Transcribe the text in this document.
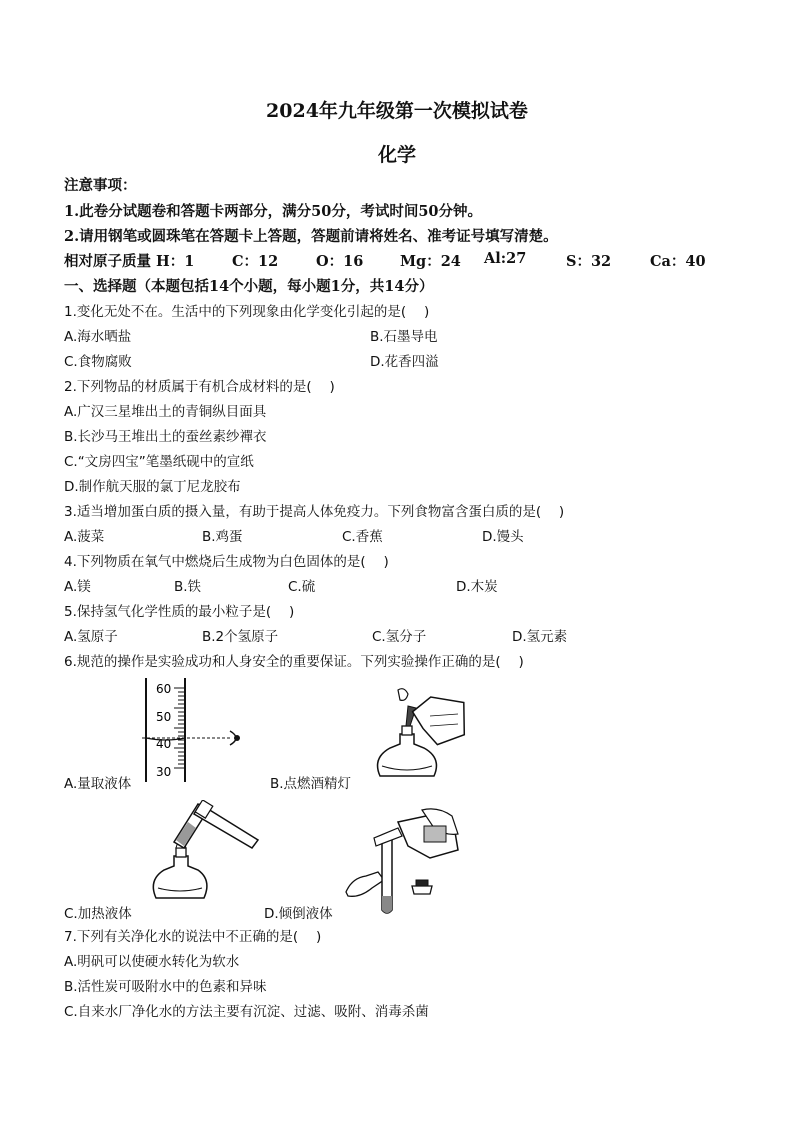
2024年九年级第一次模拟试卷
化学
注意事项：
1.此卷分试题卷和答题卡两部分，满分50分，考试时间50分钟。
2.请用钢笔或圆珠笔在答题卡上答题，答题前请将姓名、准考证号填写清楚。
相对原子质量 H：1	C：12	O：16	Mg：24 Al:27	S：32	Ca：40
一、选择题（本题包括14个小题，每小题1分，共14分）
1.变化无处不在。生活中的下列现象由化学变化引起的是(　 )
A.海水晒盐	B.石墨导电
C.食物腐败	D.花香四溢
2.下列物品的材质属于有机合成材料的是(　 )
A.广汉三星堆出土的青铜纵目面具
B.长沙马王堆出土的蚕丝素纱襌衣
C.“文房四宝”笔墨纸砚中的宣纸
D.制作航天服的氯丁尼龙胶布
3.适当增加蛋白质的摄入量，有助于提高人体免疫力。下列食物富含蛋白质的是(　 )
A.菠菜	B.鸡蛋	C.香蕉	D.馒头
4.下列物质在氧气中燃烧后生成物为白色固体的是(　 )
A.镁	B.铁	C.硫	D.木炭
5.保持氢气化学性质的最小粒子是(　 )
A.氢原子	B.2个氢原子	C.氢分子	D.氢元素
6.规范的操作是实验成功和人身安全的重要保证。下列实验操作正确的是(　 )
60
50
40
30
A.量取液体	B.点燃酒精灯
C.加热液体	D.倾倒液体
7.下列有关净化水的说法中不正确的是(　 )
A.明矾可以使硬水转化为软水
B.活性炭可吸附水中的色素和异味
C.自来水厂净化水的方法主要有沉淀、过滤、吸附、消毒杀菌
